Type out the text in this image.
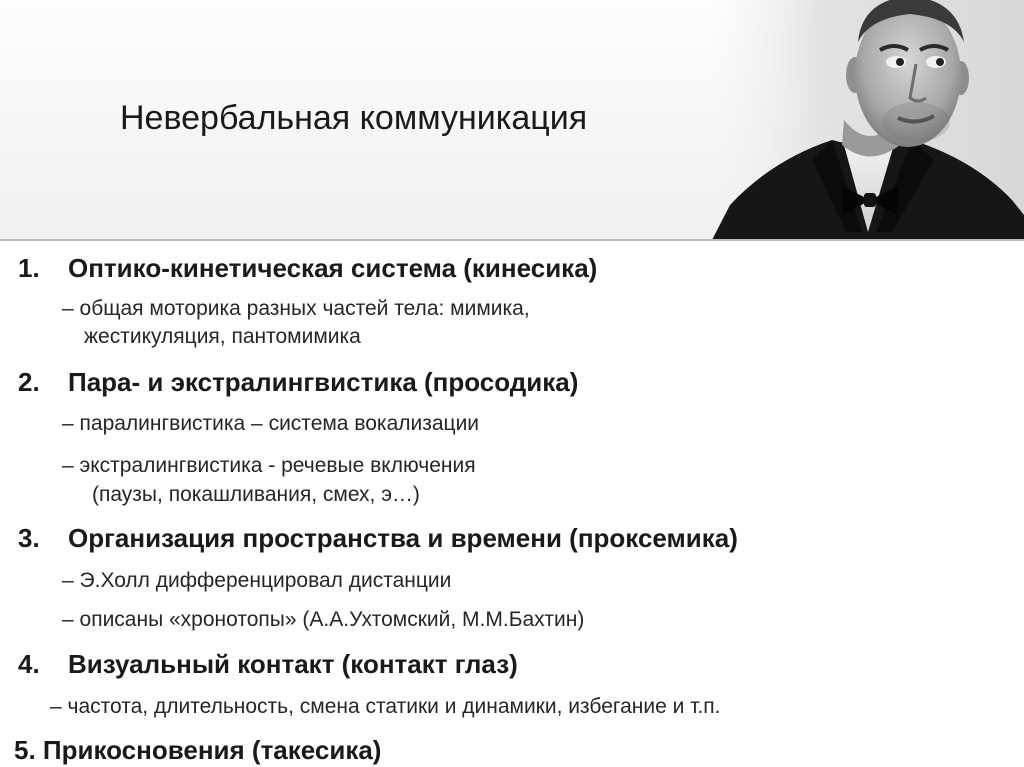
Невербальная коммуникация
1. Оптико-кинетическая система (кинесика)
– общая моторика разных частей тела: мимика,
жестикуляция, пантомимика
2. Пара- и экстралингвистика (просодика)
– паралингвистика – система вокализации
– экстралингвистика - речевые включения
(паузы, покашливания, смех, э…)
3. Организация пространства и времени (проксемика)
– Э.Холл дифференцировал дистанции
– описаны «хронотопы» (А.А.Ухтомский, М.М.Бахтин)
4. Визуальный контакт (контакт глаз)
– частота, длительность, смена статики и динамики, избегание и т.п.
5. Прикосновения (такесика)
